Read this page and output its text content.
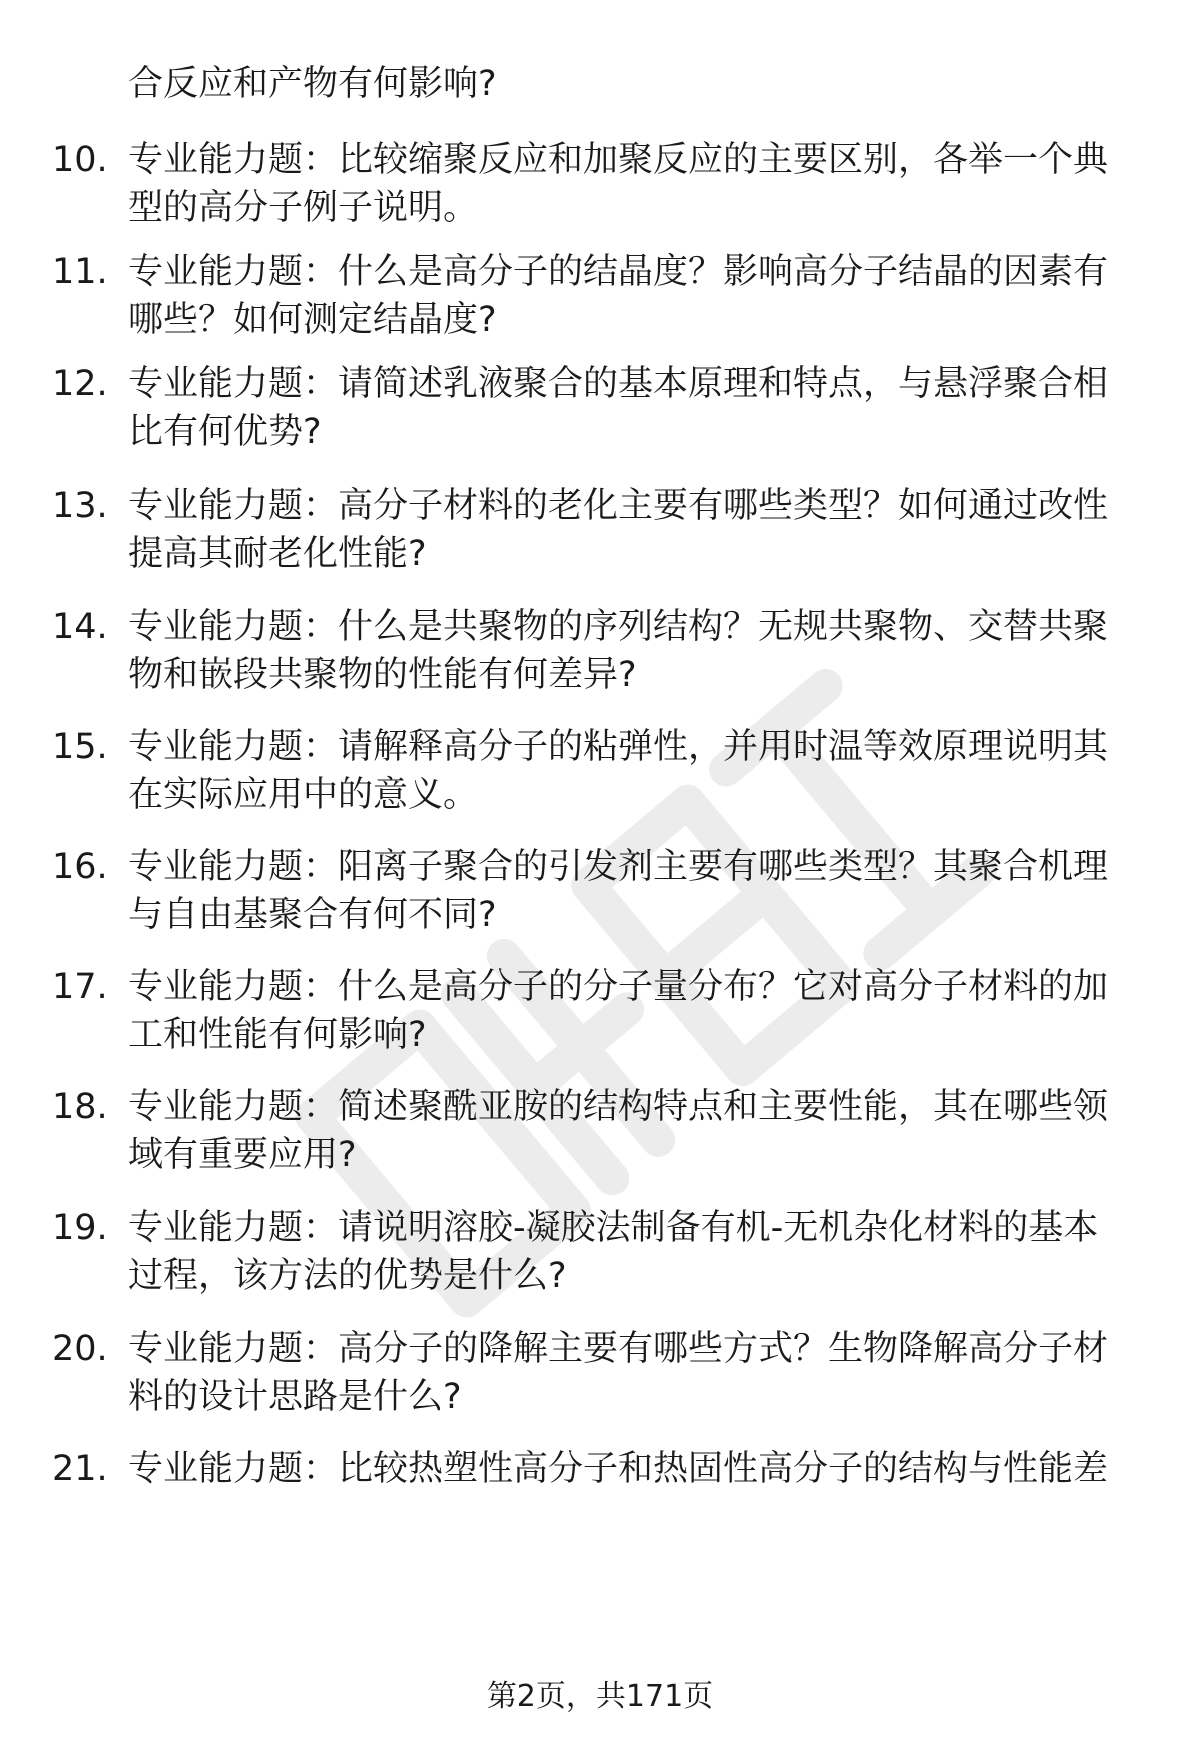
合反应和产物有何影响?
10. 专业能力题：比较缩聚反应和加聚反应的主要区别，各举一个典
型的高分子例子说明。
11. 专业能力题：什么是高分子的结晶度？影响高分子结晶的因素有
哪些？如何测定结晶度?
12. 专业能力题：请简述乳液聚合的基本原理和特点，与悬浮聚合相
比有何优势?
13. 专业能力题：高分子材料的老化主要有哪些类型？如何通过改性
提高其耐老化性能?
14. 专业能力题：什么是共聚物的序列结构？无规共聚物、交替共聚
物和嵌段共聚物的性能有何差异?
15. 专业能力题：请解释高分子的粘弹性，并用时温等效原理说明其
在实际应用中的意义。
16. 专业能力题：阳离子聚合的引发剂主要有哪些类型？其聚合机理
与自由基聚合有何不同?
17. 专业能力题：什么是高分子的分子量分布？它对高分子材料的加
工和性能有何影响?
18. 专业能力题：简述聚酰亚胺的结构特点和主要性能，其在哪些领
域有重要应用?
19. 专业能力题：请说明溶胶-凝胶法制备有机-无机杂化材料的基本
过程，该方法的优势是什么?
20. 专业能力题：高分子的降解主要有哪些方式？生物降解高分子材
料的设计思路是什么?
21. 专业能力题：比较热塑性高分子和热固性高分子的结构与性能差
第2页，共171页
